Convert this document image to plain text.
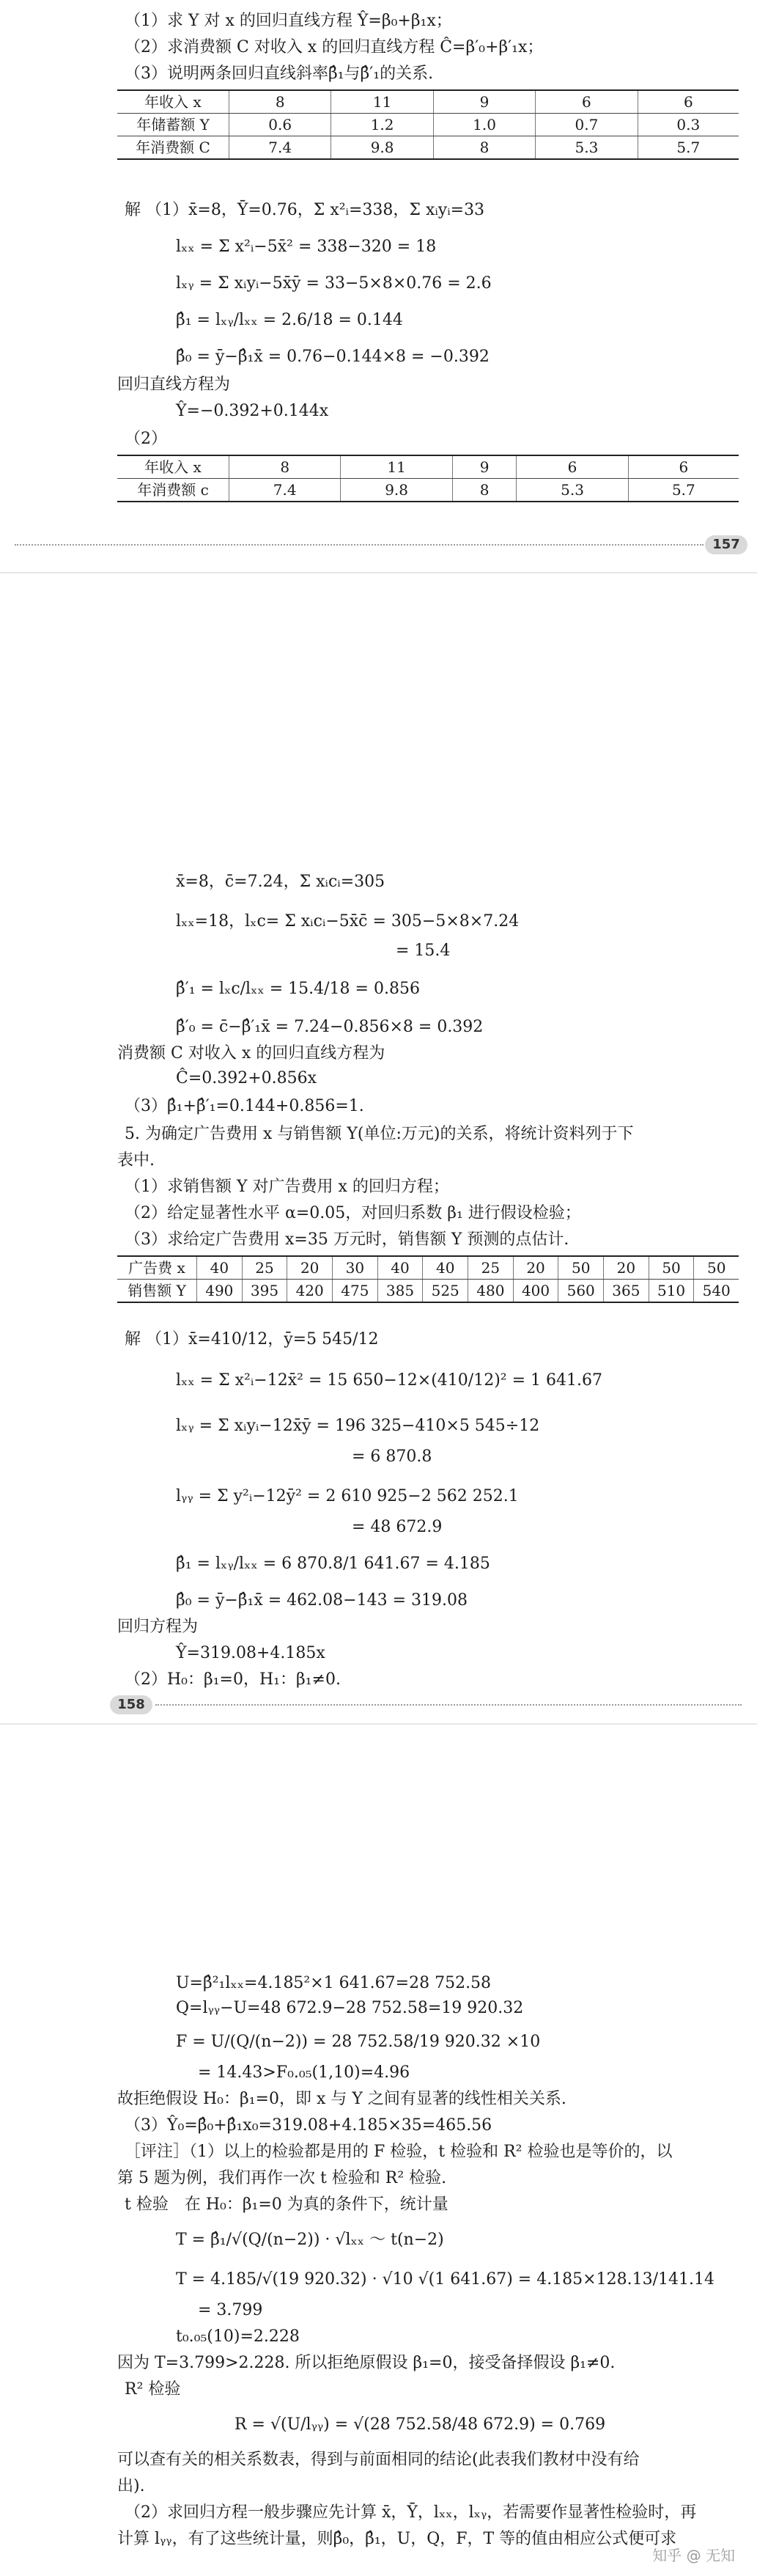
（1）求 Y 对 x 的回归直线方程 Ŷ=β₀+β₁x；
（2）求消费额 C 对收入 x 的回归直线方程 Ĉ=β′₀+β′₁x；
（3）说明两条回归直线斜率β̂₁与β̂′₁的关系.
年收入 x	8	11	9	6	6
年储蓄额 Y	0.6	1.2	1.0	0.7	0.3
年消费额 C	7.4	9.8	8	5.3	5.7
解 （1）x̄=8，Ȳ=0.76，Σ x²ᵢ=338，Σ xᵢyᵢ=33
lₓₓ = Σ x²ᵢ−5x̄² = 338−320 = 18
lₓᵧ = Σ xᵢyᵢ−5x̄ȳ = 33−5×8×0.76 = 2.6
β̂₁ = lₓᵧ/lₓₓ = 2.6/18 = 0.144
β̂₀ = ȳ−β̂₁x̄ = 0.76−0.144×8 = −0.392
回归直线方程为
Ŷ=−0.392+0.144x
（2）
年收入 x	8	11	9	6	6
年消费额 c	7.4	9.8	8	5.3	5.7
157
x̄=8，c̄=7.24，Σ xᵢcᵢ=305
lₓₓ=18，lₓc= Σ xᵢcᵢ−5x̄c̄ = 305−5×8×7.24
= 15.4
β̂′₁ = lₓc/lₓₓ = 15.4/18 = 0.856
β̂′₀ = c̄−β̂′₁x̄ = 7.24−0.856×8 = 0.392
消费额 C 对收入 x 的回归直线方程为
Ĉ=0.392+0.856x
（3）β̂₁+β̂′₁=0.144+0.856=1.
5. 为确定广告费用 x 与销售额 Y(单位:万元)的关系，将统计资料列于下
表中.
（1）求销售额 Y 对广告费用 x 的回归方程；
（2）给定显著性水平 α=0.05，对回归系数 β₁ 进行假设检验；
（3）求给定广告费用 x=35 万元时，销售额 Y 预测的点估计.
广告费 x	40	25	20	30	40	40	25	20	50	20	50	50
销售额 Y	490	395	420	475	385	525	480	400	560	365	510	540
解 （1）x̄=410/12，ȳ=5 545/12
lₓₓ = Σ x²ᵢ−12x̄² = 15 650−12×(410/12)² = 1 641.67
lₓᵧ = Σ xᵢyᵢ−12x̄ȳ = 196 325−410×5 545÷12
= 6 870.8
lᵧᵧ = Σ y²ᵢ−12ȳ² = 2 610 925−2 562 252.1
= 48 672.9
β̂₁ = lₓᵧ/lₓₓ = 6 870.8/1 641.67 = 4.185
β̂₀ = ȳ−β̂₁x̄ = 462.08−143 = 319.08
回归方程为
Ŷ=319.08+4.185x
（2）H₀：β₁=0，H₁：β₁≠0.
158
U=β̂²₁lₓₓ=4.185²×1 641.67=28 752.58
Q=lᵧᵧ−U=48 672.9−28 752.58=19 920.32
F = U/(Q/(n−2)) = 28 752.58/19 920.32 ×10
= 14.43>F₀.₀₅(1,10)=4.96
故拒绝假设 H₀：β₁=0，即 x 与 Y 之间有显著的线性相关关系.
（3）Ŷ₀=β̂₀+β̂₁x₀=319.08+4.185×35=465.56
［评注］（1）以上的检验都是用的 F 检验，t 检验和 R² 检验也是等价的，以
第 5 题为例，我们再作一次 t 检验和 R² 检验.
t 检验　在 H₀：β₁=0 为真的条件下，统计量
T = β̂₁/√(Q/(n−2)) · √lₓₓ ～ t(n−2)
T = 4.185/√(19 920.32) · √10 √(1 641.67) = 4.185×128.13/141.14
= 3.799
t₀.₀₅(10)=2.228
因为 T=3.799>2.228. 所以拒绝原假设 β₁=0，接受备择假设 β₁≠0.
R² 检验
R = √(U/lᵧᵧ) = √(28 752.58/48 672.9) = 0.769
可以查有关的相关系数表，得到与前面相同的结论(此表我们教材中没有给
出).
（2）求回归方程一般步骤应先计算 x̄，Ȳ，lₓₓ，lₓᵧ，若需要作显著性检验时，再
计算 lᵧᵧ，有了这些统计量，则β̂₀，β̂₁，U，Q，F，T 等的值由相应公式便可求
知乎 @ 无知
